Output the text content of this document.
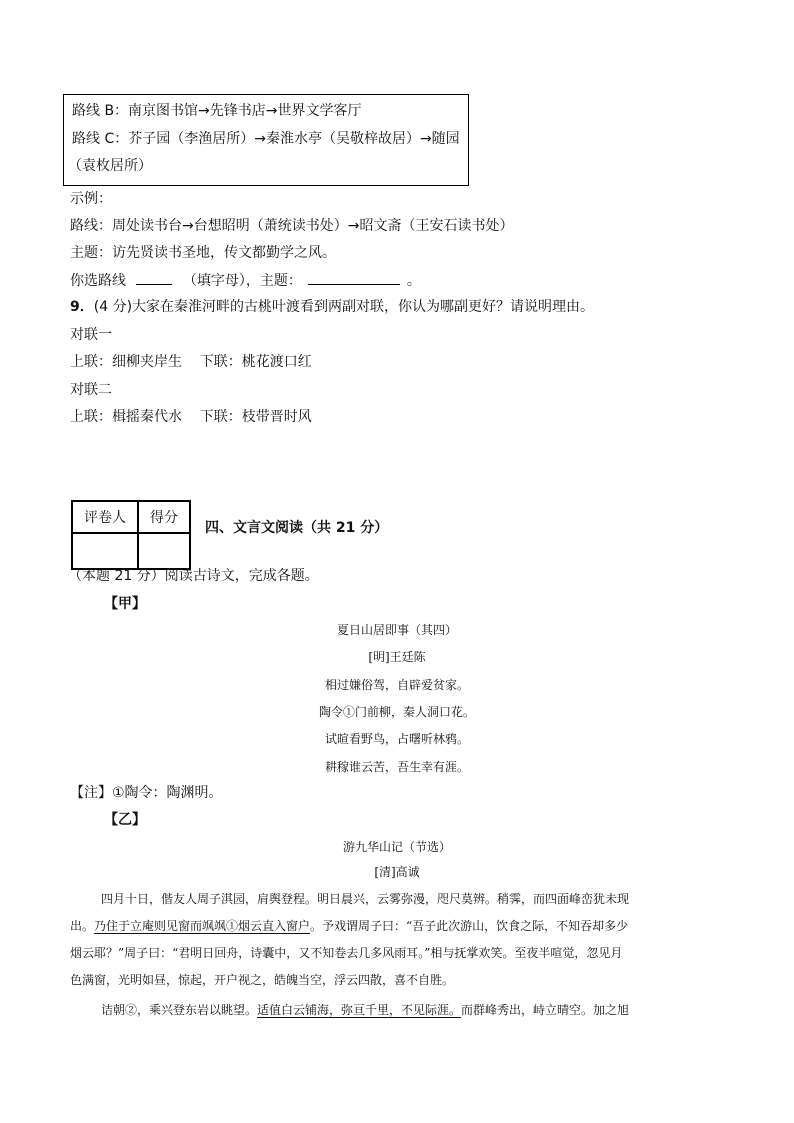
路线 B：南京图书馆→先锋书店→世界文学客厅
路线 C：芥子园（李渔居所）→秦淮水亭（吴敬梓故居）→随园
（袁枚居所）
示例：
路线：周处读书台→台想昭明（萧统读书处）→昭文斋（王安石读书处）
主题：访先贤读书圣地，传文都勤学之风。
你选路线	（填字母），主题：	。
9．(4 分)大家在秦淮河畔的古桃叶渡看到两副对联，你认为哪副更好？请说明理由。
对联一
上联：细柳夹岸生    下联：桃花渡口红
对联二
上联：楫摇秦代水    下联：枝带晋时风
评卷人	得分

四、文言文阅读（共 21 分）
（本题 21 分）阅读古诗文，完成各题。
【甲】
夏日山居即事（其四）
[明]王廷陈
相过嫌俗驾，自辟爱贫家。
陶令①门前柳，秦人洞口花。
试暄看野鸟，占曙听林鸦。
耕稼谁云苦，吾生幸有涯。
【注】①陶令：陶渊明。
【乙】
游九华山记（节选）
[清]高诚
四月十日，偕友人周子淇园，肩舆登程。明日晨兴，云雾弥漫，咫尺莫辨。稍霁，而四面峰峦犹未现
出。乃住于立庵则见窗而飒飒①烟云直入窗户。予戏谓周子曰：“吾子此次游山，饮食之际，不知吞却多少
烟云耶？”周子曰：“君明日回舟，诗囊中，又不知卷去几多风雨耳。”相与抚掌欢笑。至夜半喧觉，忽见月
色满窗，光明如昼，惊起，开户视之，皓魄当空，浮云四散，喜不自胜。
诘朝②，乘兴登东岩以眺望。适值白云铺海，弥亘千里，不见际涯。而群峰秀出，峙立晴空。加之旭
